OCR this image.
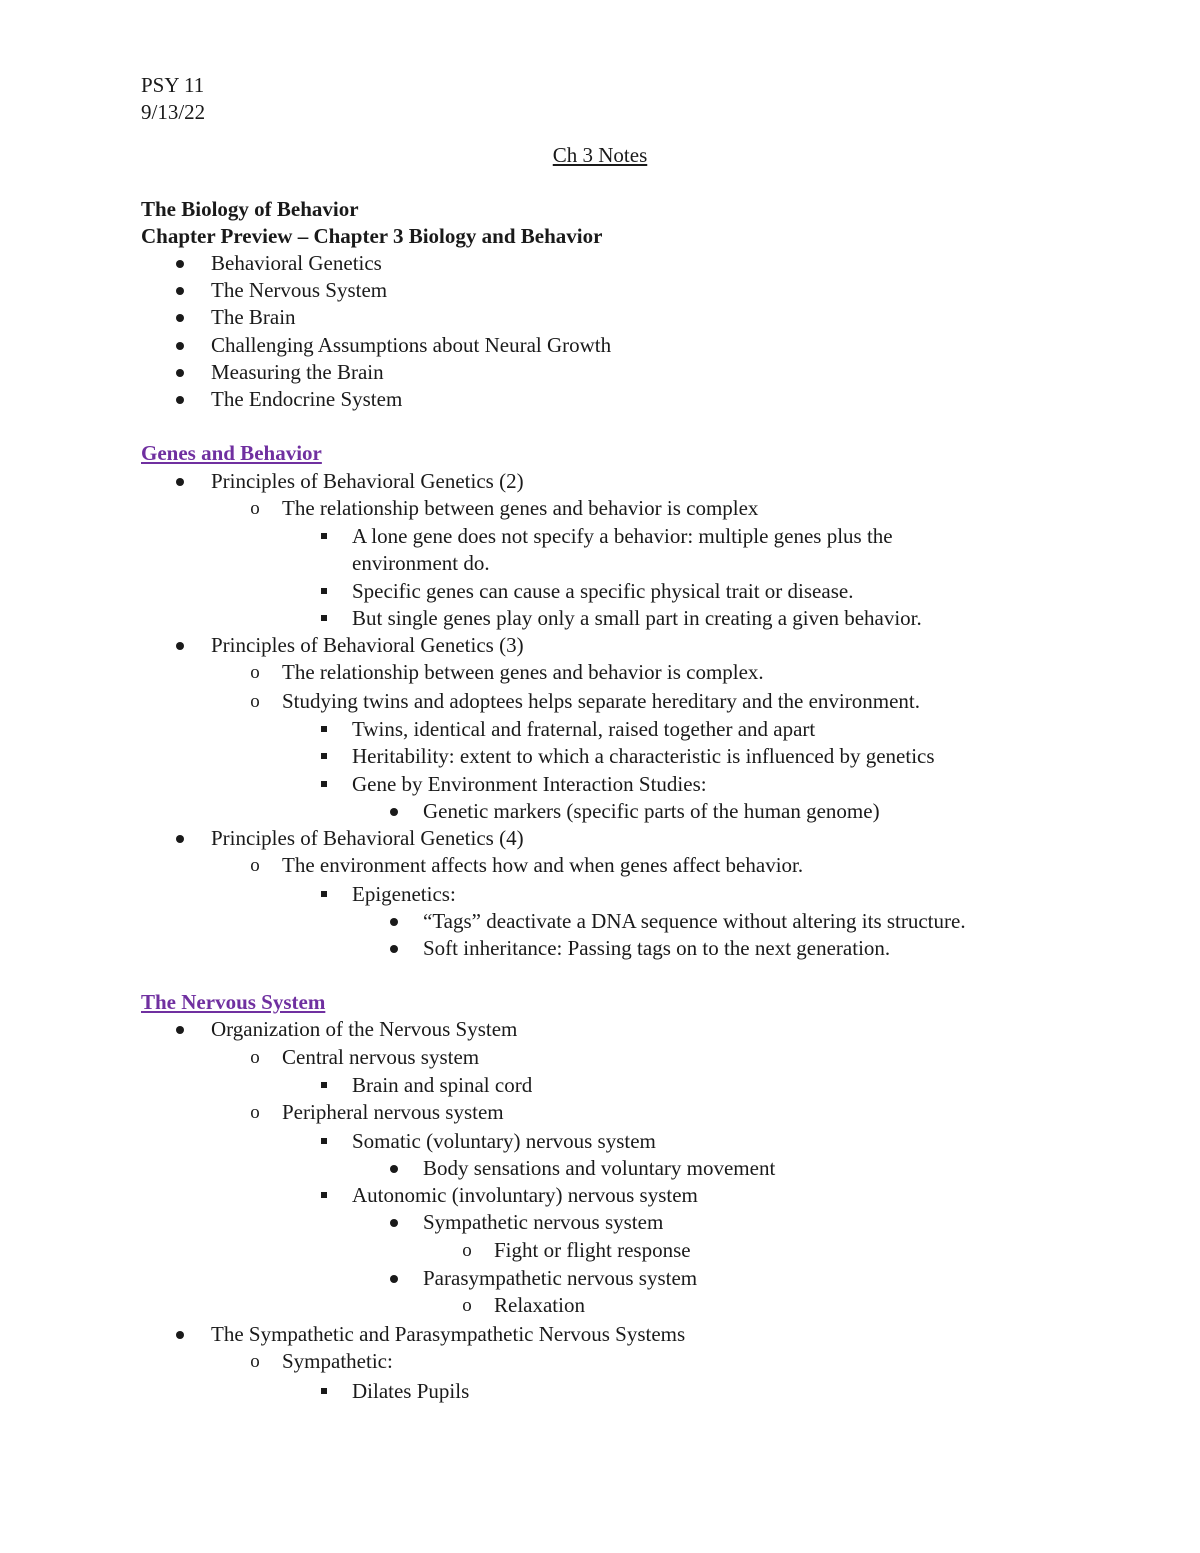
PSY 11
9/13/22
Ch 3 Notes
The Biology of Behavior
Chapter Preview – Chapter 3 Biology and Behavior
Behavioral Genetics
The Nervous System
The Brain
Challenging Assumptions about Neural Growth
Measuring the Brain
The Endocrine System
Genes and Behavior
Principles of Behavioral Genetics (2)
o The relationship between genes and behavior is complex
A lone gene does not specify a behavior: multiple genes plus the
environment do.
Specific genes can cause a specific physical trait or disease.
But single genes play only a small part in creating a given behavior.
Principles of Behavioral Genetics (3)
o The relationship between genes and behavior is complex.
o Studying twins and adoptees helps separate hereditary and the environment.
Twins, identical and fraternal, raised together and apart
Heritability: extent to which a characteristic is influenced by genetics
Gene by Environment Interaction Studies:
Genetic markers (specific parts of the human genome)
Principles of Behavioral Genetics (4)
o The environment affects how and when genes affect behavior.
Epigenetics:
“Tags” deactivate a DNA sequence without altering its structure.
Soft inheritance: Passing tags on to the next generation.
The Nervous System
Organization of the Nervous System
o Central nervous system
Brain and spinal cord
o Peripheral nervous system
Somatic (voluntary) nervous system
Body sensations and voluntary movement
Autonomic (involuntary) nervous system
Sympathetic nervous system
o Fight or flight response
Parasympathetic nervous system
o Relaxation
The Sympathetic and Parasympathetic Nervous Systems
o Sympathetic:
Dilates Pupils
